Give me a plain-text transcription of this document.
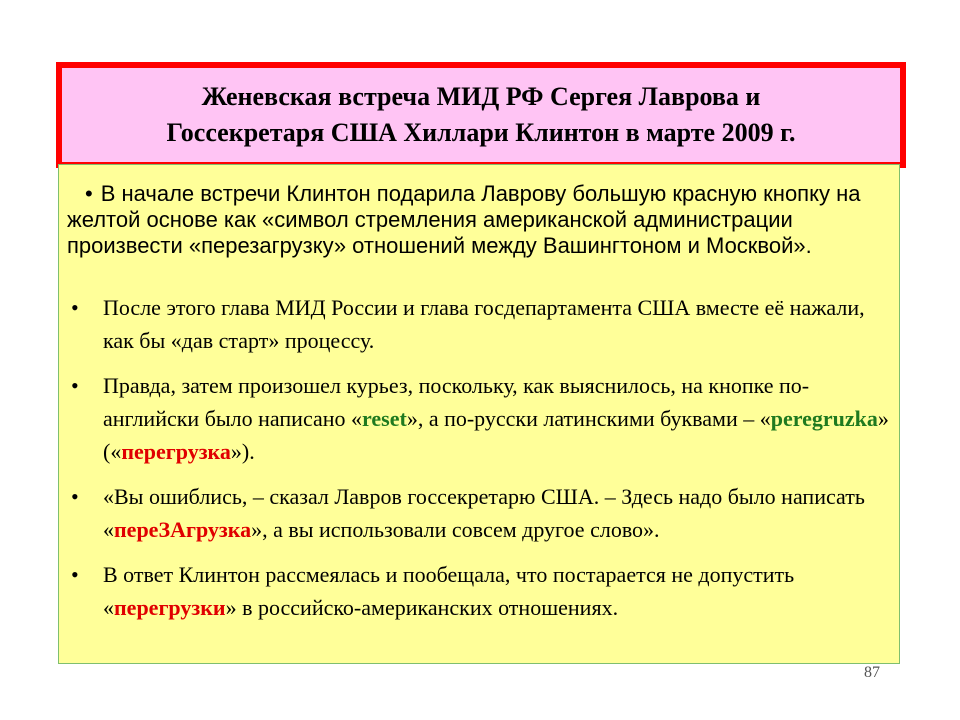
Женевская встреча МИД РФ Сергея Лаврова и
Госсекретаря США Хиллари Клинтон в марте 2009 г.
• В начале встречи Клинтон подарила Лаврову большую красную кнопку на желтой основе как «символ стремления американской администрации произвести «перезагрузку» отношений между Вашингтоном и Москвой».
• После этого глава МИД России и глава госдепартамента США вместе её нажали, как бы «дав старт» процессу.
• Правда, затем произошел курьез, поскольку, как выяснилось, на кнопке по-английски было написано «reset», а по-русски латинскими буквами – «peregruzka» («перегрузка»).
• «Вы ошиблись, – сказал Лавров госсекретарю США. – Здесь надо было написать «переЗАгрузка», а вы использовали совсем другое слово».
• В ответ Клинтон рассмеялась и пообещала, что постарается не допустить «перегрузки» в российско-американских отношениях.
87
